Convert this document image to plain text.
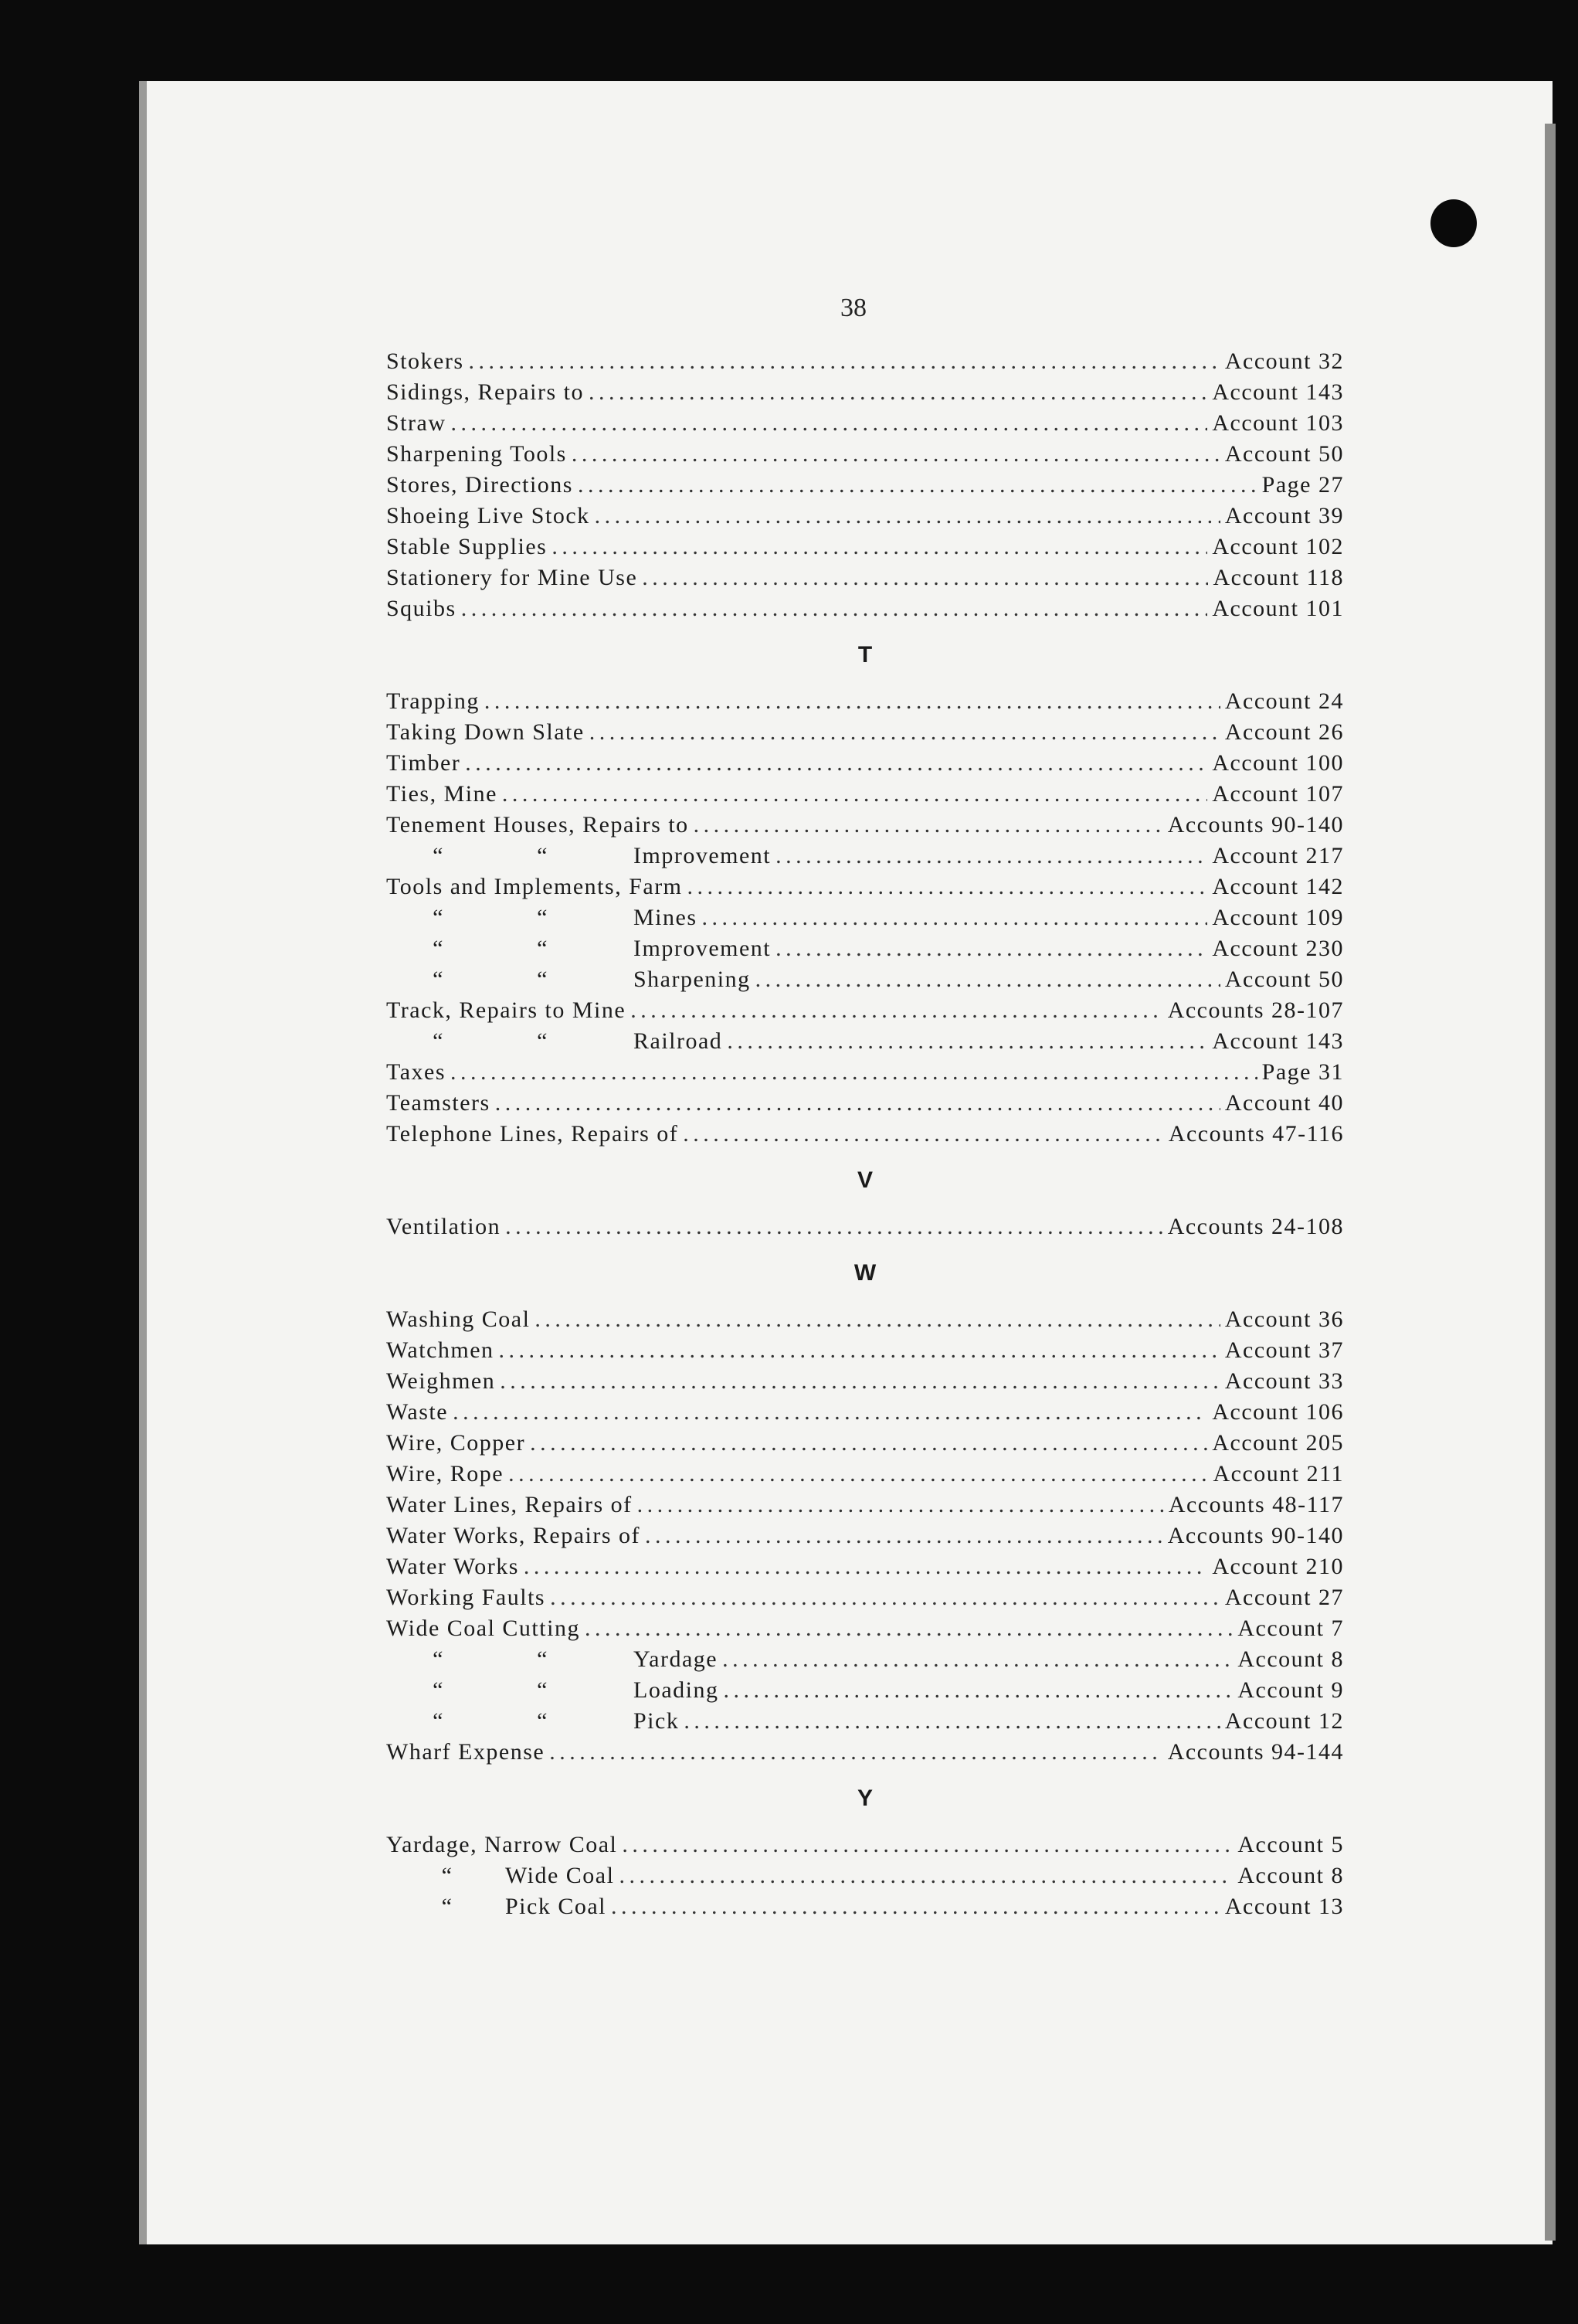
38
Stokers . . .	Account 32
Sidings, Repairs to . . .	Account 143
Straw . . .	Account 103
Sharpening Tools . . .	Account 50
Stores, Directions . . .	Page 27
Shoeing Live Stock . . .	Account 39
Stable Supplies . . .	Account 102
Stationery for Mine Use . . .	Account 118
Squibs . . .	Account 101
T
Trapping . . .	Account 24
Taking Down Slate . . .	Account 26
Timber . . .	Account 100
Ties, Mine . . .	Account 107
Tenement Houses, Repairs to . . .	Accounts 90-140
“	“	Improvement . . .	Account 217
Tools and Implements, Farm . . .	Account 142
“	“	Mines . . .	Account 109
“	“	Improvement . . .	Account 230
“	“	Sharpening . . .	Account 50
Track, Repairs to Mine . . .	Accounts 28-107
“	“	Railroad . . .	Account 143
Taxes . . .	Page 31
Teamsters . . .	Account 40
Telephone Lines, Repairs of . . .	Accounts 47-116
V
Ventilation . . .	Accounts 24-108
W
Washing Coal . . .	Account 36
Watchmen . . .	Account 37
Weighmen . . .	Account 33
Waste . . .	Account 106
Wire, Copper . . .	Account 205
Wire, Rope . . .	Account 211
Water Lines, Repairs of . . .	Accounts 48-117
Water Works, Repairs of . . .	Accounts 90-140
Water Works . . .	Account 210
Working Faults . . .	Account 27
Wide Coal Cutting . . .	Account 7
“	“	Yardage . . .	Account 8
“	“	Loading . . .	Account 9
“	“	Pick . . .	Account 12
Wharf Expense . . .	Accounts 94-144
Y
Yardage, Narrow Coal . . .	Account 5
“ Wide Coal . . .	Account 8
“ Pick Coal . . .	Account 13
